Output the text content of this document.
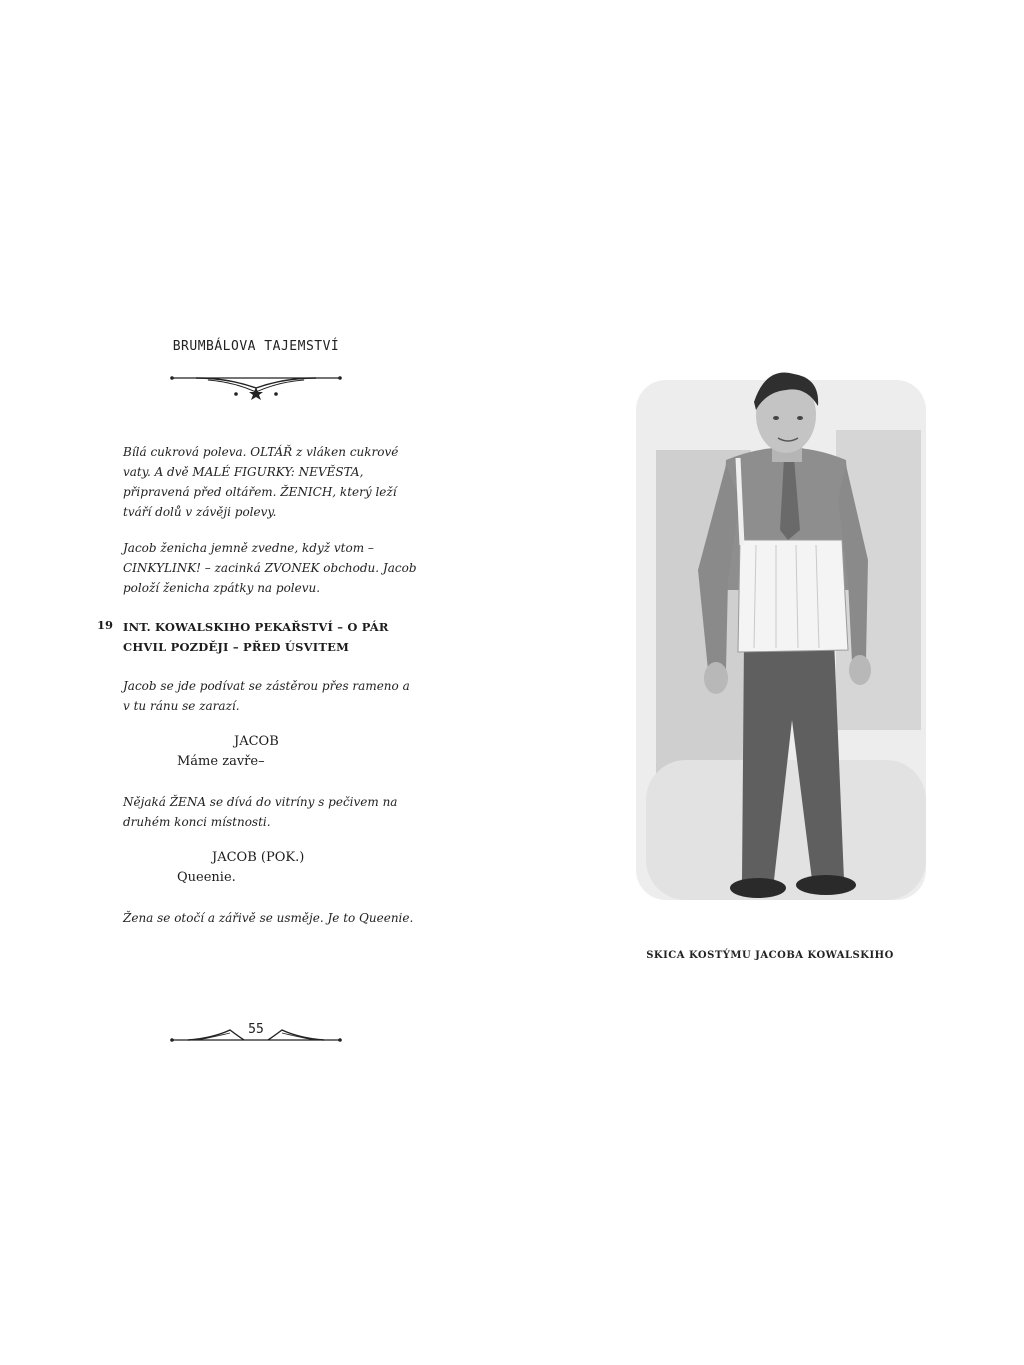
BRUMBÁLOVA TAJEMSTVÍ

Bílá cukrová poleva. OLTÁŘ z vláken cukrové vaty. A dvě MALÉ FIGURKY: NEVĚSTA, připravená před oltářem. ŽENICH, který leží tváří dolů v závěji polevy.

Jacob ženicha jemně zvedne, když vtom – CINKYLINK! – zacinká ZVONEK obchodu. Jacob položí ženicha zpátky na polevu.

19 INT. KOWALSKIHO PEKAŘSTVÍ – O PÁR CHVIL POZDĚJI – PŘED ÚSVITEM

Jacob se jde podívat se zástěrou přes rameno a v tu ránu se zarazí.

JACOB
Máme zavře–

Nějaká ŽENA se dívá do vitríny s pečivem na druhém konci místnosti.

JACOB (POK.)
Queenie.

Žena se otočí a zářivě se usměje. Je to Queenie.

55
SKICA KOSTÝMU JACOBA KOWALSKIHO
